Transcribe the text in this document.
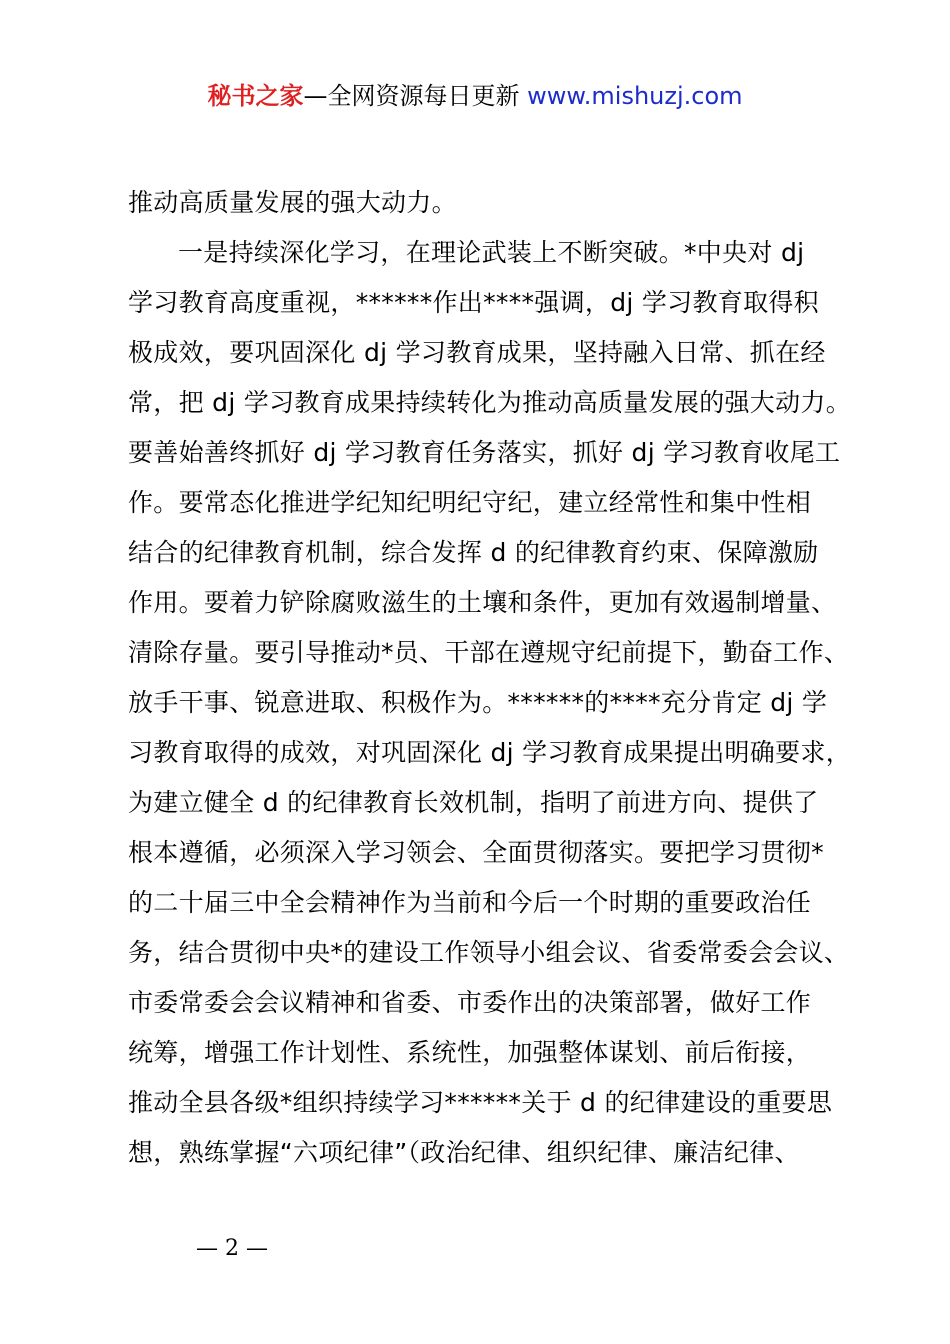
秘书之家—全网资源每日更新 www.mishuzj.com
推动高质量发展的强大动力。
一是持续深化学习，在理论武装上不断突破。*中央对 dj
学习教育高度重视，******作出****强调，dj 学习教育取得积
极成效，要巩固深化 dj 学习教育成果，坚持融入日常、抓在经
常，把 dj 学习教育成果持续转化为推动高质量发展的强大动力。
要善始善终抓好 dj 学习教育任务落实，抓好 dj 学习教育收尾工
作。要常态化推进学纪知纪明纪守纪，建立经常性和集中性相
结合的纪律教育机制，综合发挥 d 的纪律教育约束、保障激励
作用。要着力铲除腐败滋生的土壤和条件，更加有效遏制增量、
清除存量。要引导推动*员、干部在遵规守纪前提下，勤奋工作、
放手干事、锐意进取、积极作为。******的****充分肯定 dj 学
习教育取得的成效，对巩固深化 dj 学习教育成果提出明确要求，
为建立健全 d 的纪律教育长效机制，指明了前进方向、提供了
根本遵循，必须深入学习领会、全面贯彻落实。要把学习贯彻*
的二十届三中全会精神作为当前和今后一个时期的重要政治任
务，结合贯彻中央*的建设工作领导小组会议、省委常委会会议、
市委常委会会议精神和省委、市委作出的决策部署，做好工作
统筹，增强工作计划性、系统性，加强整体谋划、前后衔接，
推动全县各级*组织持续学习******关于 d 的纪律建设的重要思
想，熟练掌握“六项纪律”（政治纪律、组织纪律、廉洁纪律、
— 2 —
